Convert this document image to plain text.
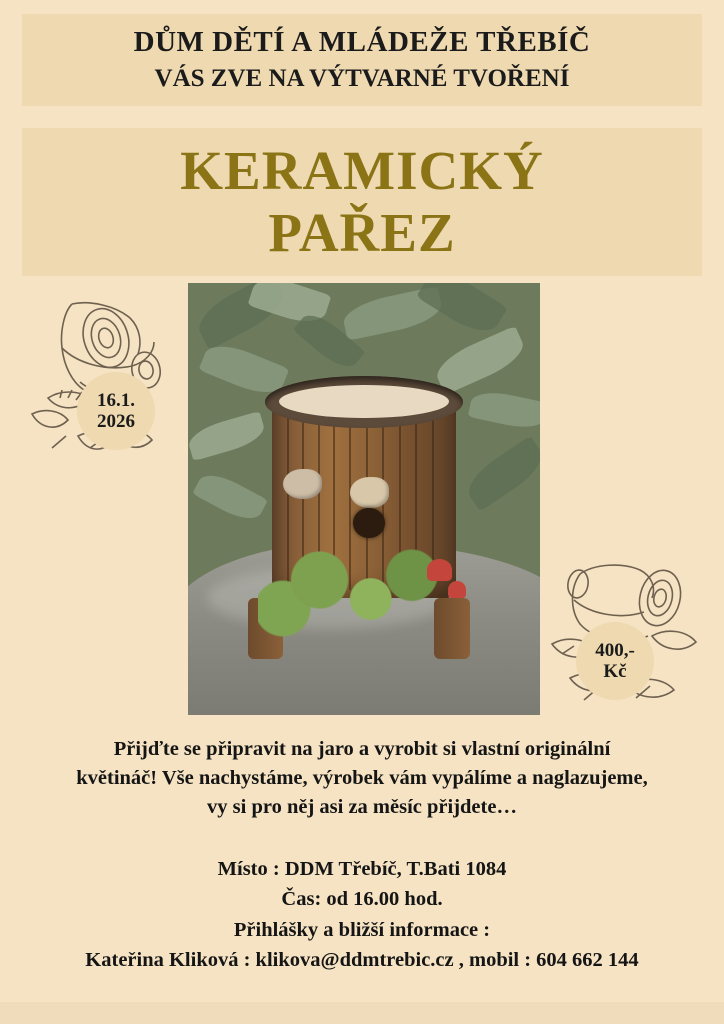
DŮM DĚTÍ A MLÁDEŽE TŘEBÍČ
VÁS ZVE NA VÝTVARNÉ TVOŘENÍ
KERAMICKÝ
PAŘEZ
16.1.
2026
400,-
Kč
Přijďte se připravit na jaro a vyrobit si vlastní originální
květináč! Vše nachystáme, výrobek vám vypálíme a naglazujeme,
vy si pro něj asi za měsíc přijdete…
Místo : DDM Třebíč, T.Bati 1084
Čas: od 16.00 hod.
Přihlášky a bližší informace :
Kateřina Kliková : klikova@ddmtrebic.cz , mobil : 604 662 144
